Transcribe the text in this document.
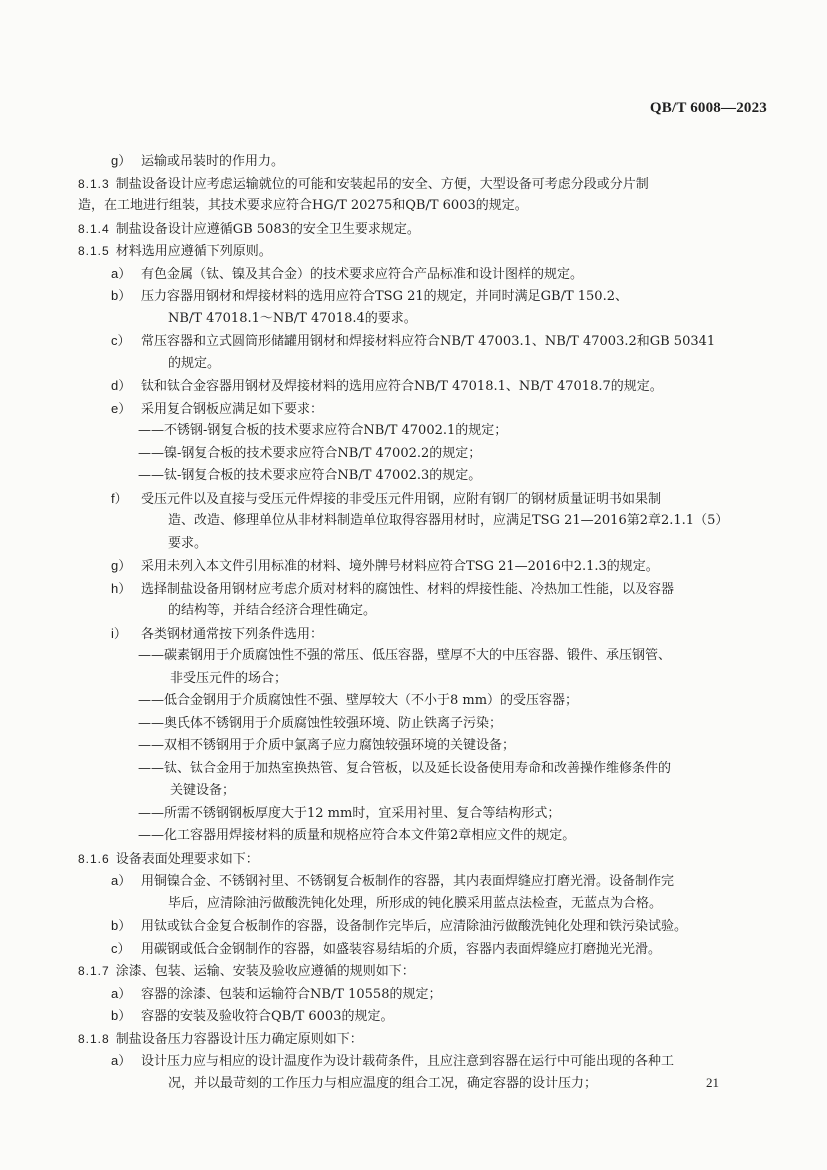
QB/T 6008—2023
g） 运输或吊装时的作用力。
8.1.3 制盐设备设计应考虑运输就位的可能和安装起吊的安全、方便，大型设备可考虑分段或分片制
造，在工地进行组装，其技术要求应符合HG/T 20275和QB/T 6003的规定。
8.1.4 制盐设备设计应遵循GB 5083的安全卫生要求规定。
8.1.5 材料选用应遵循下列原则。
a） 有色金属（钛、镍及其合金）的技术要求应符合产品标准和设计图样的规定。
b） 压力容器用钢材和焊接材料的选用应符合TSG 21的规定，并同时满足GB/T 150.2、
NB/T 47018.1～NB/T 47018.4的要求。
c） 常压容器和立式圆筒形储罐用钢材和焊接材料应符合NB/T 47003.1、NB/T 47003.2和GB 50341
的规定。
d） 钛和钛合金容器用钢材及焊接材料的选用应符合NB/T 47018.1、NB/T 47018.7的规定。
e） 采用复合钢板应满足如下要求：
——不锈钢-钢复合板的技术要求应符合NB/T 47002.1的规定；
——镍-钢复合板的技术要求应符合NB/T 47002.2的规定；
——钛-钢复合板的技术要求应符合NB/T 47002.3的规定。
f） 受压元件以及直接与受压元件焊接的非受压元件用钢，应附有钢厂的钢材质量证明书如果制
造、改造、修理单位从非材料制造单位取得容器用材时，应满足TSG 21—2016第2章2.1.1（5）
要求。
g） 采用未列入本文件引用标准的材料、境外牌号材料应符合TSG 21—2016中2.1.3的规定。
h） 选择制盐设备用钢材应考虑介质对材料的腐蚀性、材料的焊接性能、冷热加工性能，以及容器
的结构等，并结合经济合理性确定。
i） 各类钢材通常按下列条件选用：
——碳素钢用于介质腐蚀性不强的常压、低压容器，壁厚不大的中压容器、锻件、承压钢管、
非受压元件的场合；
——低合金钢用于介质腐蚀性不强、壁厚较大（不小于8 mm）的受压容器；
——奥氏体不锈钢用于介质腐蚀性较强环境、防止铁离子污染；
——双相不锈钢用于介质中氯离子应力腐蚀较强环境的关键设备；
——钛、钛合金用于加热室换热管、复合管板，以及延长设备使用寿命和改善操作维修条件的
关键设备；
——所需不锈钢钢板厚度大于12 mm时，宜采用衬里、复合等结构形式；
——化工容器用焊接材料的质量和规格应符合本文件第2章相应文件的规定。
8.1.6 设备表面处理要求如下：
a） 用铜镍合金、不锈钢衬里、不锈钢复合板制作的容器，其内表面焊缝应打磨光滑。设备制作完
毕后，应清除油污做酸洗钝化处理，所形成的钝化膜采用蓝点法检查，无蓝点为合格。
b） 用钛或钛合金复合板制作的容器，设备制作完毕后，应清除油污做酸洗钝化处理和铁污染试验。
c） 用碳钢或低合金钢制作的容器，如盛装容易结垢的介质，容器内表面焊缝应打磨抛光光滑。
8.1.7 涂漆、包装、运输、安装及验收应遵循的规则如下：
a） 容器的涂漆、包装和运输符合NB/T 10558的规定；
b） 容器的安装及验收符合QB/T 6003的规定。
8.1.8 制盐设备压力容器设计压力确定原则如下：
a） 设计压力应与相应的设计温度作为设计载荷条件，且应注意到容器在运行中可能出现的各种工
况，并以最苛刻的工作压力与相应温度的组合工况，确定容器的设计压力；	21
